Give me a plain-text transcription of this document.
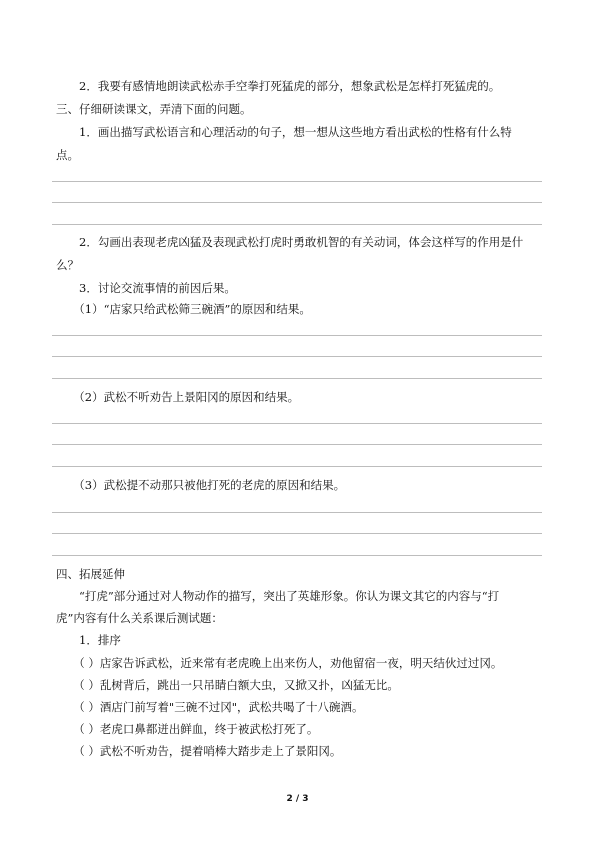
　　2．我要有感情地朗读武松赤手空拳打死猛虎的部分，想象武松是怎样打死猛虎的。
三、仔细研读课文，弄清下面的问题。
　　1．画出描写武松语言和心理活动的句子，想一想从这些地方看出武松的性格有什么特
点。
　　2．勾画出表现老虎凶猛及表现武松打虎时勇敢机智的有关动词，体会这样写的作用是什
么？
　　3．讨论交流事情的前因后果。
　　（1）“店家只给武松筛三碗酒”的原因和结果。
　　（2）武松不听劝告上景阳冈的原因和结果。
　　（3）武松提不动那只被他打死的老虎的原因和结果。
四、拓展延伸
　　“打虎”部分通过对人物动作的描写，突出了英雄形象。你认为课文其它的内容与“打
虎”内容有什么关系课后测试题：
　　1．排序
　　（ ）店家告诉武松，近来常有老虎晚上出来伤人，劝他留宿一夜，明天结伙过过冈。
　　（ ）乱树背后，跳出一只吊睛白额大虫，又掀又扑，凶猛无比。
　　（ ）酒店门前写着"三碗不过冈"，武松共喝了十八碗酒。
　　（ ）老虎口鼻都迸出鲜血，终于被武松打死了。
　　（ ）武松不听劝告，提着哨棒大踏步走上了景阳冈。
2 / 3
